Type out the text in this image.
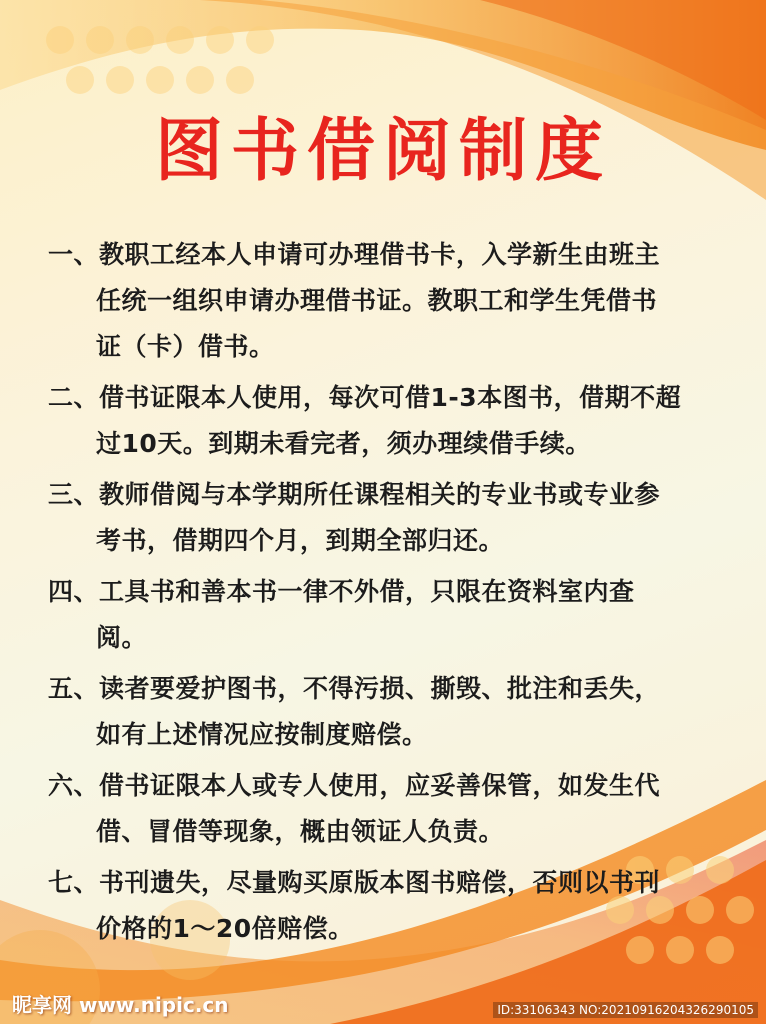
图书借阅制度
一、教职工经本人申请可办理借书卡，入学新生由班主
任统一组织申请办理借书证。教职工和学生凭借书
证（卡）借书。
二、借书证限本人使用，每次可借1-3本图书，借期不超
过10天。到期未看完者，须办理续借手续。
三、教师借阅与本学期所任课程相关的专业书或专业参
考书，借期四个月，到期全部归还。
四、工具书和善本书一律不外借，只限在资料室内查
阅。
五、读者要爱护图书，不得污损、撕毁、批注和丢失，
如有上述情况应按制度赔偿。
六、借书证限本人或专人使用，应妥善保管，如发生代
借、冒借等现象，概由领证人负责。
七、书刊遗失，尽量购买原版本图书赔偿，否则以书刊
价格的1～20倍赔偿。
昵享网 www.nipic.cn	ID:33106343 NO:20210916204326290105
